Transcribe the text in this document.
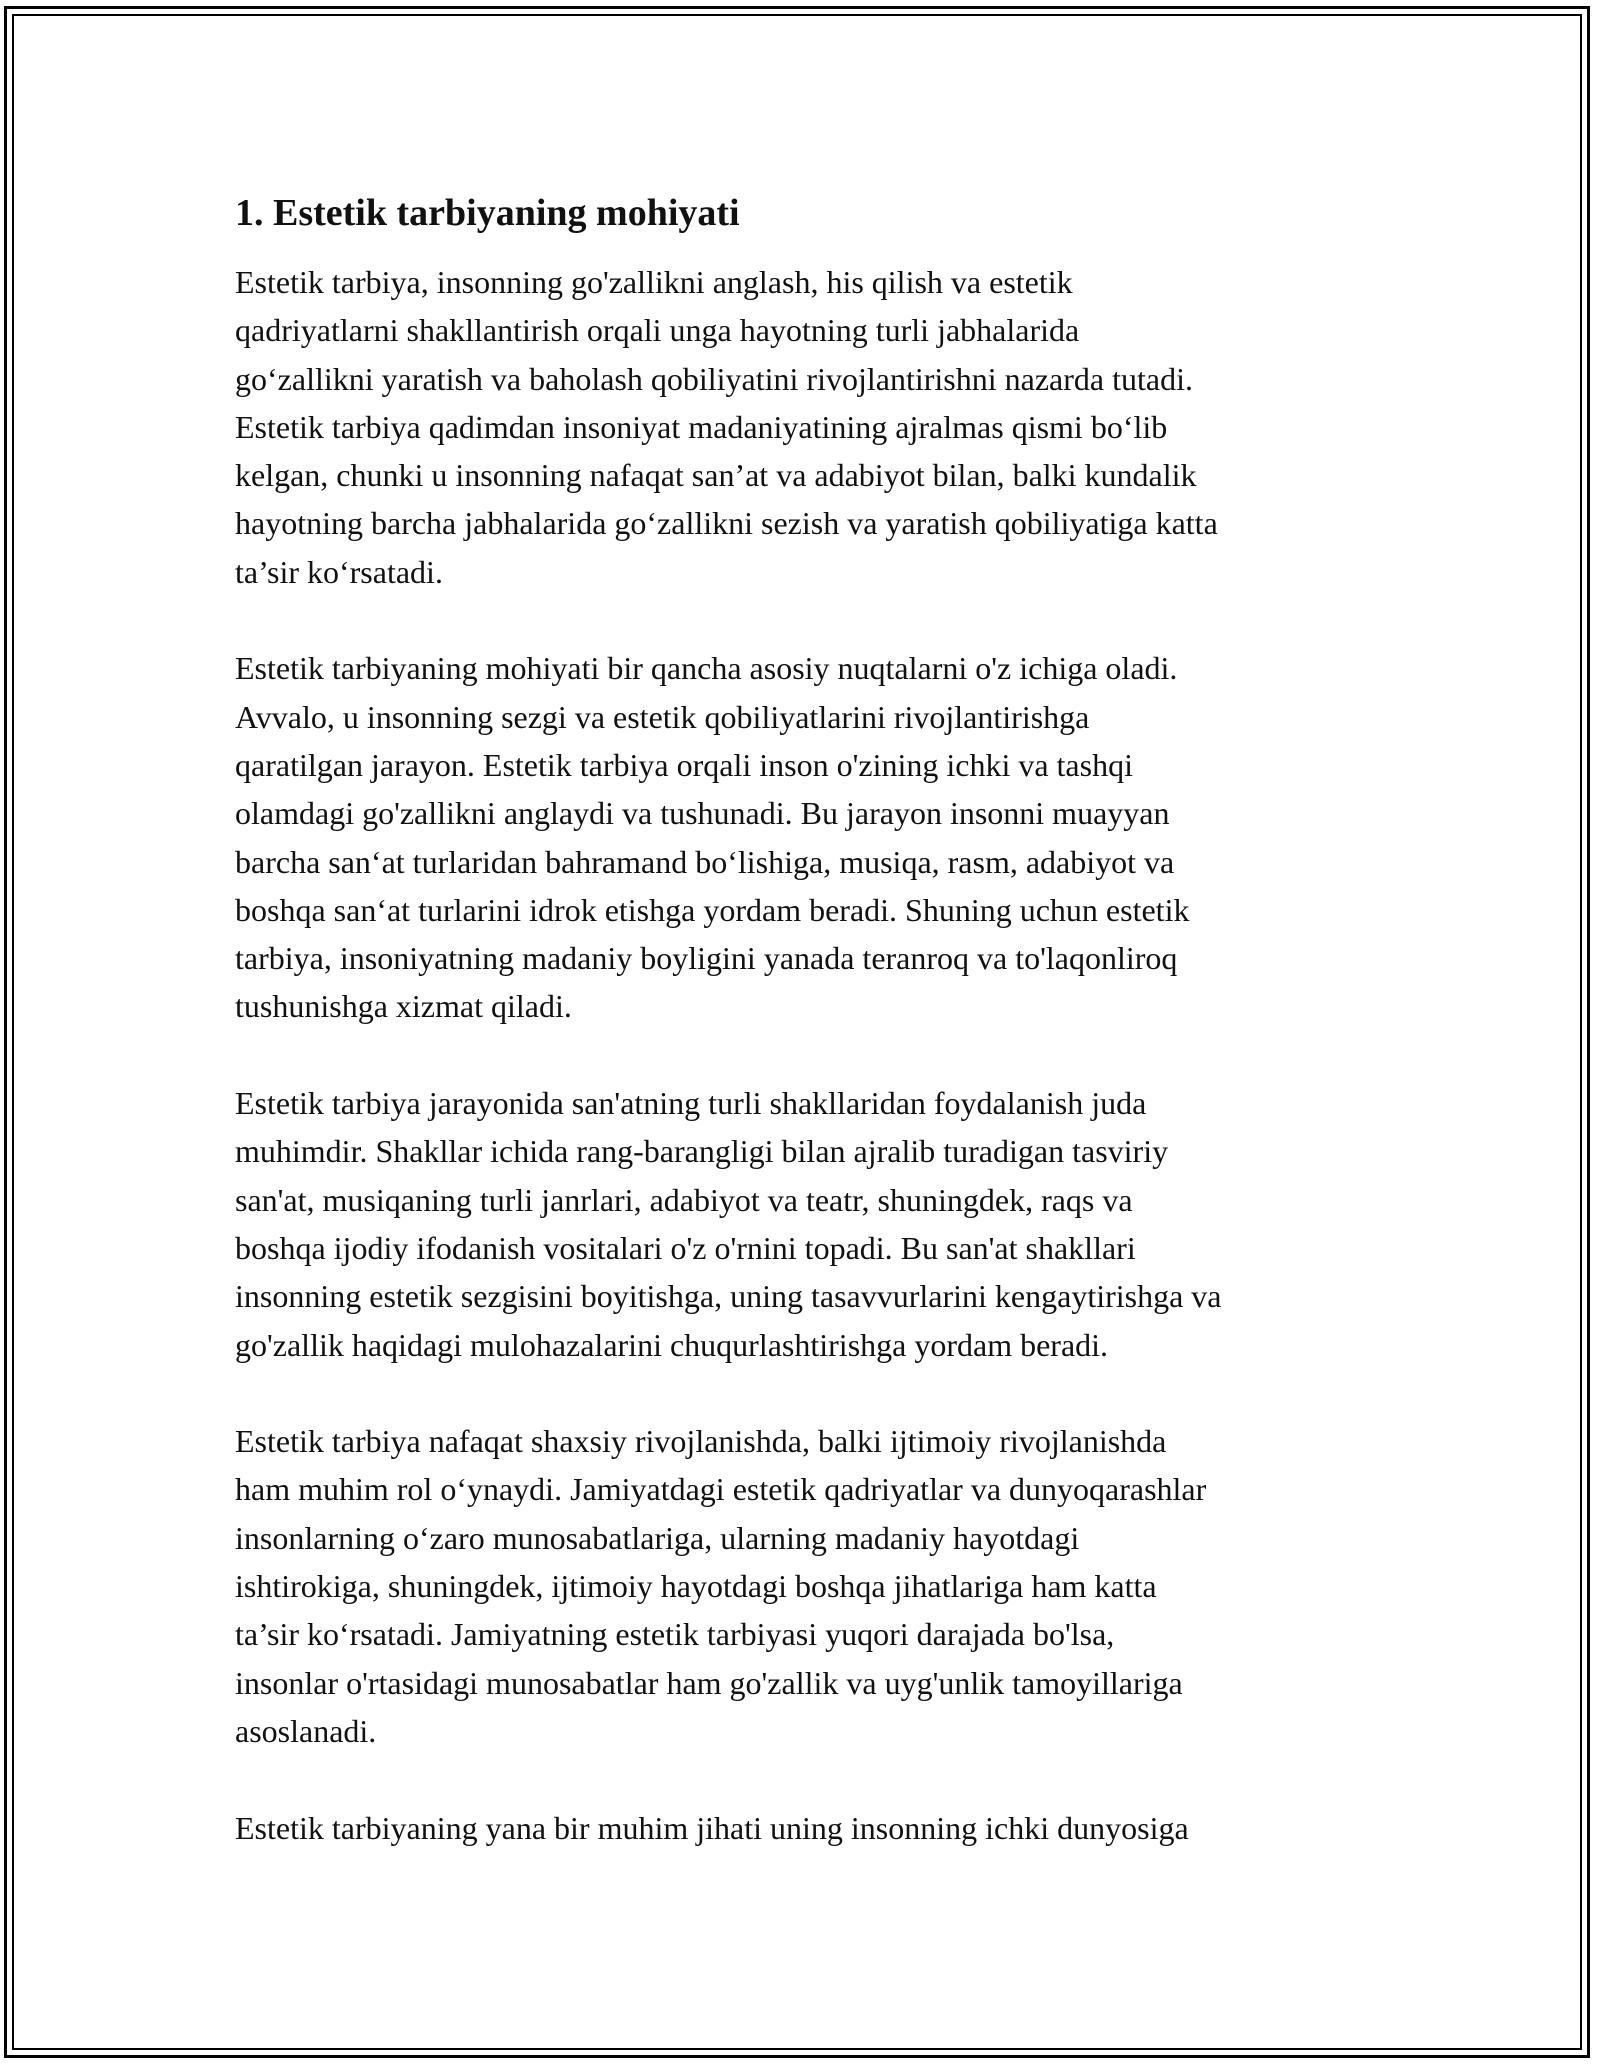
1. Estetik tarbiyaning mohiyati

Estetik tarbiya, insonning go'zallikni anglash, his qilish va estetik
qadriyatlarni shakllantirish orqali unga hayotning turli jabhalarida
go‘zallikni yaratish va baholash qobiliyatini rivojlantirishni nazarda tutadi.
Estetik tarbiya qadimdan insoniyat madaniyatining ajralmas qismi bo‘lib
kelgan, chunki u insonning nafaqat san’at va adabiyot bilan, balki kundalik
hayotning barcha jabhalarida go‘zallikni sezish va yaratish qobiliyatiga katta
ta’sir ko‘rsatadi.

Estetik tarbiyaning mohiyati bir qancha asosiy nuqtalarni o'z ichiga oladi.
Avvalo, u insonning sezgi va estetik qobiliyatlarini rivojlantirishga
qaratilgan jarayon. Estetik tarbiya orqali inson o'zining ichki va tashqi
olamdagi go'zallikni anglaydi va tushunadi. Bu jarayon insonni muayyan
barcha san‘at turlaridan bahramand bo‘lishiga, musiqa, rasm, adabiyot va
boshqa san‘at turlarini idrok etishga yordam beradi. Shuning uchun estetik
tarbiya, insoniyatning madaniy boyligini yanada teranroq va to'laqonliroq
tushunishga xizmat qiladi.

Estetik tarbiya jarayonida san'atning turli shakllaridan foydalanish juda
muhimdir. Shakllar ichida rang-barangligi bilan ajralib turadigan tasviriy
san'at, musiqaning turli janrlari, adabiyot va teatr, shuningdek, raqs va
boshqa ijodiy ifodanish vositalari o'z o'rnini topadi. Bu san'at shakllari
insonning estetik sezgisini boyitishga, uning tasavvurlarini kengaytirishga va
go'zallik haqidagi mulohazalarini chuqurlashtirishga yordam beradi.

Estetik tarbiya nafaqat shaxsiy rivojlanishda, balki ijtimoiy rivojlanishda
ham muhim rol o‘ynaydi. Jamiyatdagi estetik qadriyatlar va dunyoqarashlar
insonlarning o‘zaro munosabatlariga, ularning madaniy hayotdagi
ishtirokiga, shuningdek, ijtimoiy hayotdagi boshqa jihatlariga ham katta
ta’sir ko‘rsatadi. Jamiyatning estetik tarbiyasi yuqori darajada bo'lsa,
insonlar o'rtasidagi munosabatlar ham go'zallik va uyg'unlik tamoyillariga
asoslanadi.

Estetik tarbiyaning yana bir muhim jihati uning insonning ichki dunyosiga
